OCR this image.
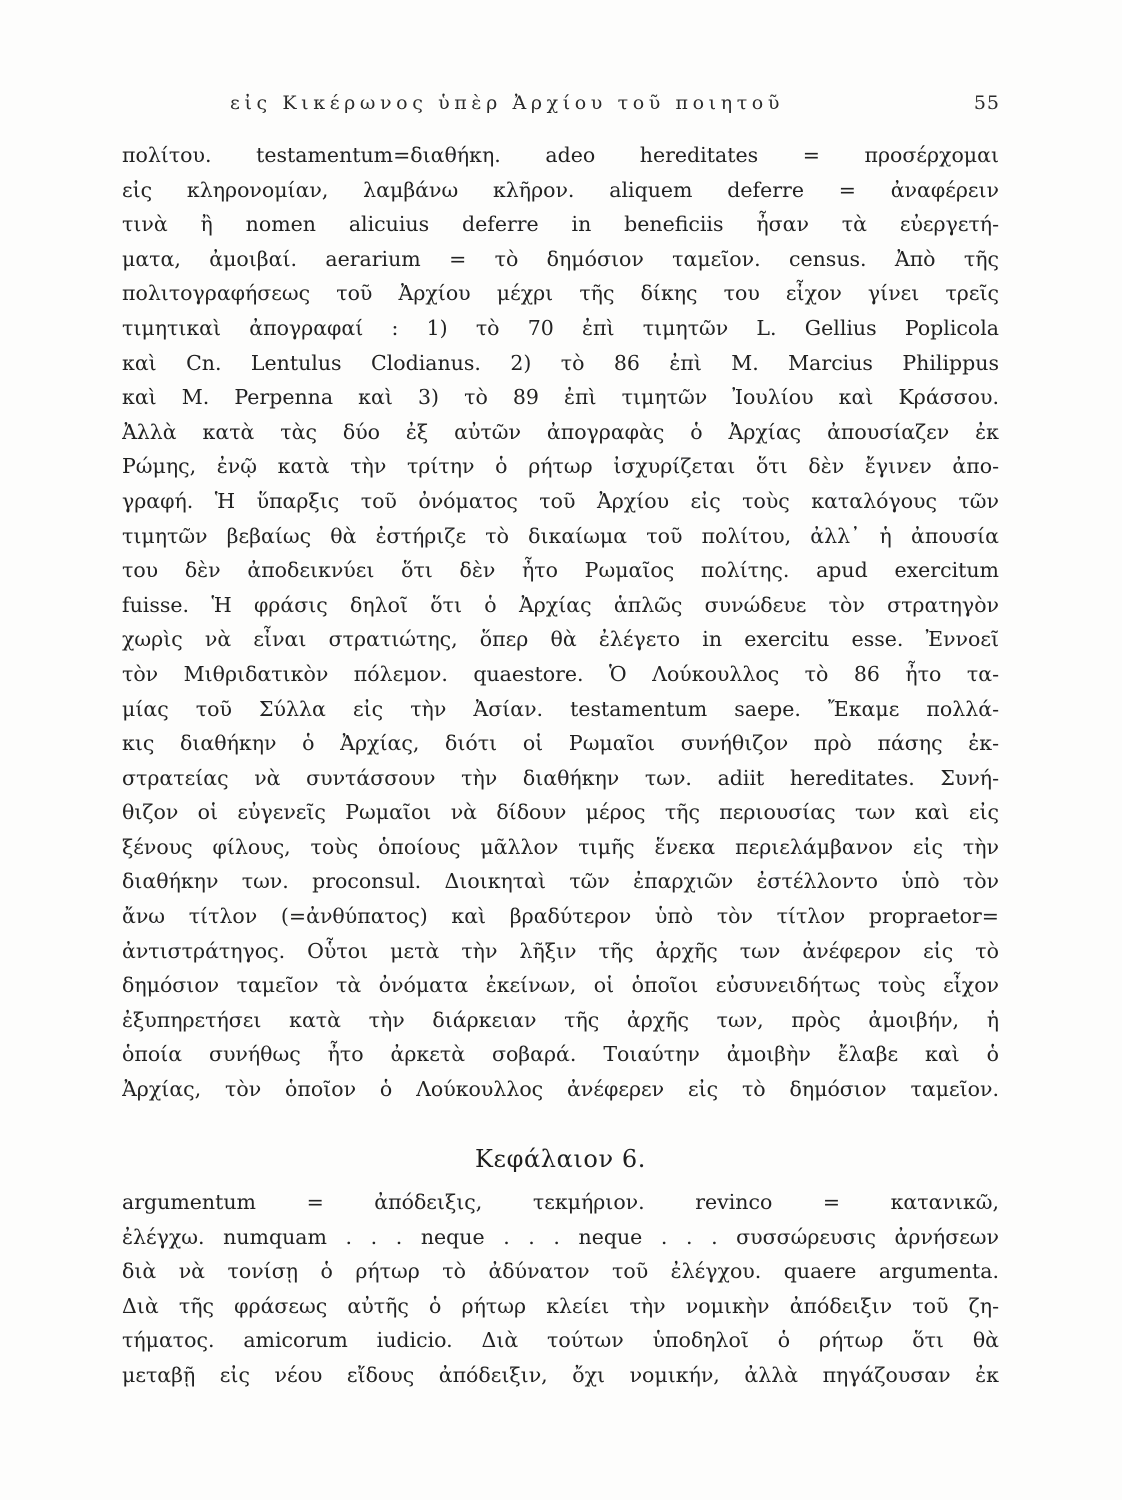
εἰς Κικέρωνος ὑπὲρ Ἀρχίου τοῦ ποιητοῦ	55
πολίτου. testamentum=διαθήκη. adeo hereditates = προσέρχομαι
εἰς κληρονομίαν, λαμβάνω κλῆρον. aliquem deferre = ἀναφέρειν
τινὰ ἢ nomen alicuius deferre in beneficiis ἦσαν τὰ εὐεργετή-
ματα, ἀμοιβαί. aerarium = τὸ δημόσιον ταμεῖον. census. Ἀπὸ τῆς
πολιτογραφήσεως τοῦ Ἀρχίου μέχρι τῆς δίκης του εἶχον γίνει τρεῖς
τιμητικαὶ ἀπογραφαί : 1) τὸ 70 ἐπὶ τιμητῶν L. Gellius Poplicola
καὶ Cn. Lentulus Clodianus. 2) τὸ 86 ἐπὶ M. Marcius Philippus
καὶ M. Perpenna καὶ 3) τὸ 89 ἐπὶ τιμητῶν Ἰουλίου καὶ Κράσσου.
Ἀλλὰ κατὰ τὰς δύο ἐξ αὐτῶν ἀπογραφὰς ὁ Ἀρχίας ἀπουσίαζεν ἐκ
Ρώμης, ἐνῷ κατὰ τὴν τρίτην ὁ ρήτωρ ἰσχυρίζεται ὅτι δὲν ἔγινεν ἀπο-
γραφή. Ἡ ὕπαρξις τοῦ ὀνόματος τοῦ Ἀρχίου εἰς τοὺς καταλόγους τῶν
τιμητῶν βεβαίως θὰ ἐστήριζε τὸ δικαίωμα τοῦ πολίτου, ἀλλ᾽ ἡ ἀπουσία
του δὲν ἀποδεικνύει ὅτι δὲν ἦτο Ρωμαῖος πολίτης. apud exercitum
fuisse. Ἡ φράσις δηλοῖ ὅτι ὁ Ἀρχίας ἁπλῶς συνώδευε τὸν στρατηγὸν
χωρὶς νὰ εἶναι στρατιώτης, ὅπερ θὰ ἐλέγετο in exercitu esse. Ἐννοεῖ
τὸν Μιθριδατικὸν πόλεμον. quaestore. Ὁ Λούκουλλος τὸ 86 ἦτο τα-
μίας τοῦ Σύλλα εἰς τὴν Ἀσίαν. testamentum saepe. Ἔκαμε πολλά-
κις διαθήκην ὁ Ἀρχίας, διότι οἱ Ρωμαῖοι συνήθιζον πρὸ πάσης ἐκ-
στρατείας νὰ συντάσσουν τὴν διαθήκην των. adiit hereditates. Συνή-
θιζον οἱ εὐγενεῖς Ρωμαῖοι νὰ δίδουν μέρος τῆς περιουσίας των καὶ εἰς
ξένους φίλους, τοὺς ὁποίους μᾶλλον τιμῆς ἕνεκα περιελάμβανον εἰς τὴν
διαθήκην των. proconsul. Διοικηταὶ τῶν ἐπαρχιῶν ἐστέλλοντο ὑπὸ τὸν
ἄνω τίτλον (=ἀνθύπατος) καὶ βραδύτερον ὑπὸ τὸν τίτλον propraetor=
ἀντιστράτηγος. Οὗτοι μετὰ τὴν λῆξιν τῆς ἀρχῆς των ἀνέφερον εἰς τὸ
δημόσιον ταμεῖον τὰ ὀνόματα ἐκείνων, οἱ ὁποῖοι εὐσυνειδήτως τοὺς εἶχον
ἐξυπηρετήσει κατὰ τὴν διάρκειαν τῆς ἀρχῆς των, πρὸς ἀμοιβήν, ἡ
ὁποία συνήθως ἦτο ἀρκετὰ σοβαρά. Τοιαύτην ἀμοιβὴν ἔλαβε καὶ ὁ
Ἀρχίας, τὸν ὁποῖον ὁ Λούκουλλος ἀνέφερεν εἰς τὸ δημόσιον ταμεῖον.
Κεφάλαιον 6.
argumentum = ἀπόδειξις, τεκμήριον. revinco = κατανικῶ,
ἐλέγχω. numquam . . . neque . . . neque . . . συσσώρευσις ἀρνήσεων
διὰ νὰ τονίσῃ ὁ ρήτωρ τὸ ἀδύνατον τοῦ ἐλέγχου. quaere argumenta.
Διὰ τῆς φράσεως αὐτῆς ὁ ρήτωρ κλείει τὴν νομικὴν ἀπόδειξιν τοῦ ζη-
τήματος. amicorum iudicio. Διὰ τούτων ὑποδηλοῖ ὁ ρήτωρ ὅτι θὰ
μεταβῇ εἰς νέου εἴδους ἀπόδειξιν, ὄχι νομικήν, ἀλλὰ πηγάζουσαν ἐκ
